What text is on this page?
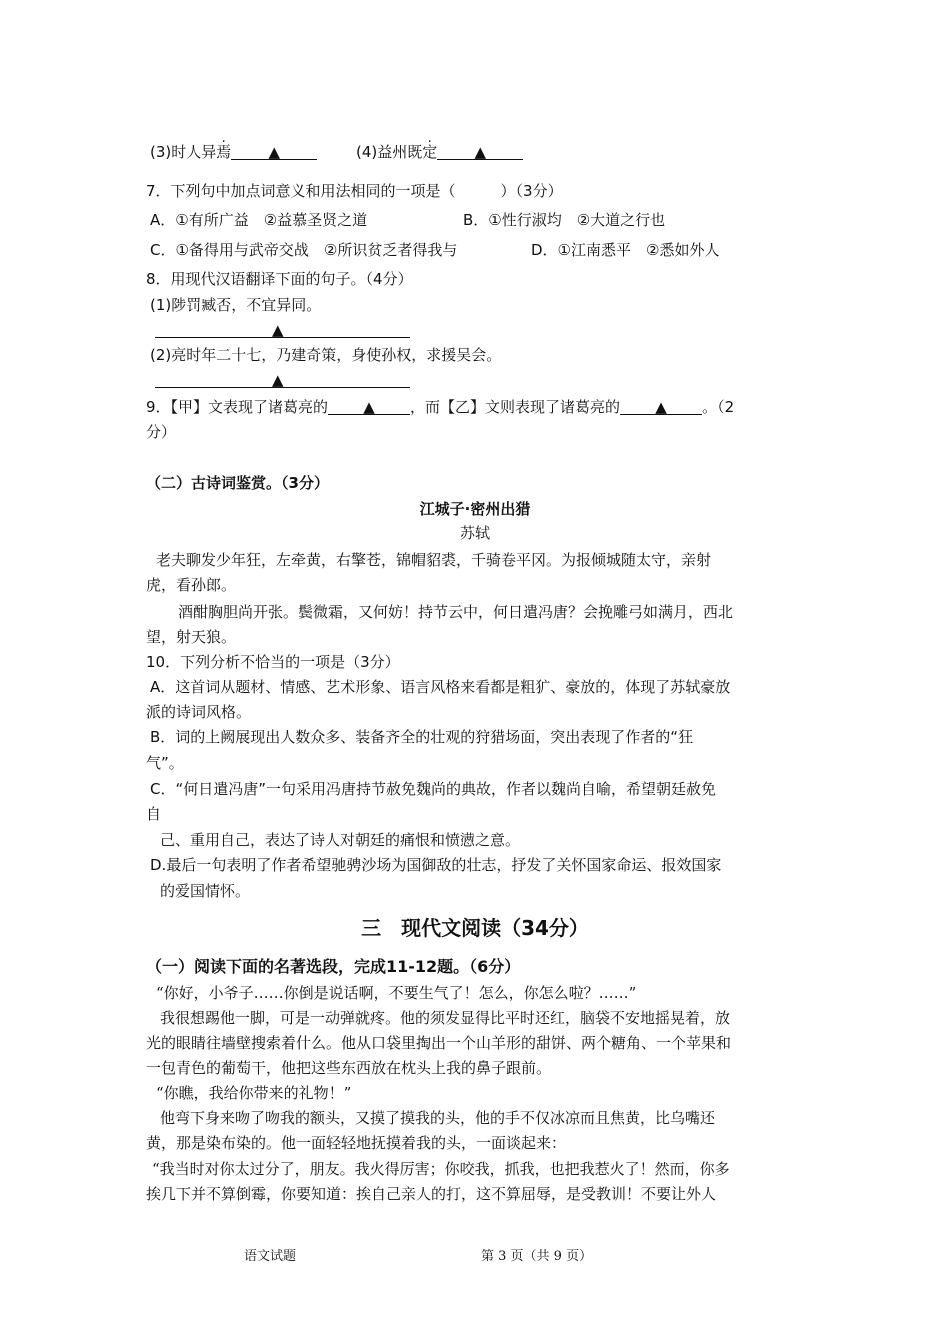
(3)时人异焉 ▲	(4)益州既定 ▲
7．下列句中加点词意义和用法相同的一项是（　　　）（3分）
A．①有所广益　②益慕圣贤之道	B．①性行淑均　②大道之行也
C．①备得用与武帝交战　②所识贫乏者得我与	D．①江南悉平　②悉如外人
8．用现代汉语翻译下面的句子。（4分）
(1)陟罚臧否，不宜异同。
▲
(2)亮时年二十七，乃建奇策，身使孙权，求援吴会。
▲
9．【甲】文表现了诸葛亮的 ▲ ，而【乙】文则表现了诸葛亮的 ▲ 。（2
分）
（二）古诗词鉴赏。（3分）
江城子·密州出猎
苏轼
老夫聊发少年狂，左牵黄，右擎苍，锦帽貂裘，千骑卷平冈。为报倾城随太守，亲射
虎，看孙郎。
酒酣胸胆尚开张。鬓微霜，又何妨！持节云中，何日遣冯唐？会挽雕弓如满月，西北
望，射天狼。
10．下列分析不恰当的一项是（3分）
A．这首词从题材、情感、艺术形象、语言风格来看都是粗犷、豪放的，体现了苏轼豪放
派的诗词风格。
B．词的上阙展现出人数众多、装备齐全的壮观的狩猎场面，突出表现了作者的“狂
气”。
C．“何日遣冯唐”一句采用冯唐持节赦免魏尚的典故，作者以魏尚自喻，希望朝廷赦免
自
己、重用自己，表达了诗人对朝廷的痛恨和愤懑之意。
D.最后一句表明了作者希望驰骋沙场为国御敌的壮志，抒发了关怀国家命运、报效国家
的爱国情怀。
三　现代文阅读（34分）
（一）阅读下面的名著选段，完成11-12题。（6分）
“你好，小爷子……你倒是说话啊，不要生气了！怎么，你怎么啦？……”
我很想踢他一脚，可是一动弹就疼。他的须发显得比平时还红，脑袋不安地摇晃着，放
光的眼睛往墙壁搜索着什么。他从口袋里掏出一个山羊形的甜饼、两个糖角、一个苹果和
一包青色的葡萄干，他把这些东西放在枕头上我的鼻子跟前。
“你瞧，我给你带来的礼物！”
他弯下身来吻了吻我的额头，又摸了摸我的头，他的手不仅冰凉而且焦黄，比乌嘴还
黄，那是染布染的。他一面轻轻地抚摸着我的头，一面谈起来：
“我当时对你太过分了，朋友。我火得厉害；你咬我，抓我，也把我惹火了！然而，你多
挨几下并不算倒霉，你要知道：挨自己亲人的打，这不算屈辱，是受教训！不要让外人
语文试题	第 3 页（共 9 页）
